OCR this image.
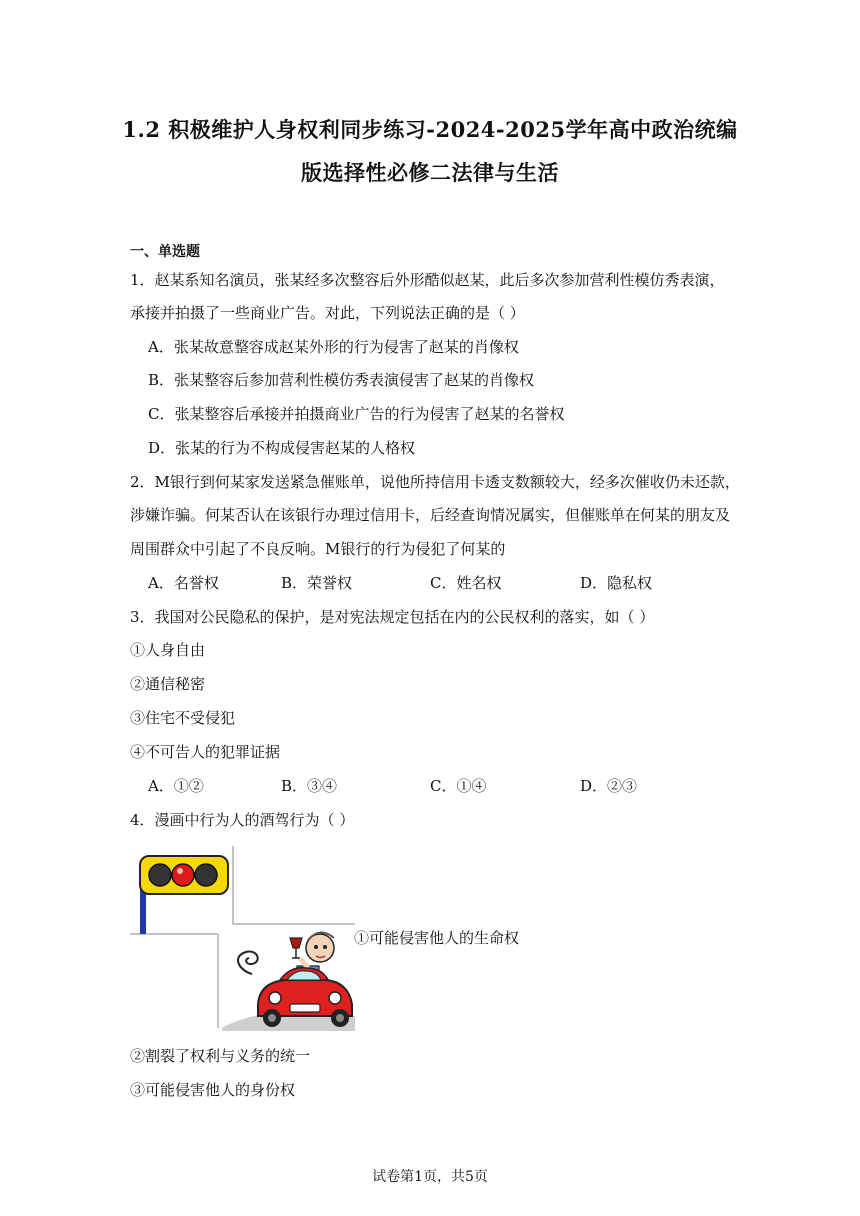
1.2 积极维护人身权利同步练习-2024-2025学年高中政治统编
版选择性必修二法律与生活
一、单选题
1．赵某系知名演员，张某经多次整容后外形酷似赵某，此后多次参加营利性模仿秀表演，
承接并拍摄了一些商业广告。对此，下列说法正确的是（ ）
A．张某故意整容成赵某外形的行为侵害了赵某的肖像权
B．张某整容后参加营利性模仿秀表演侵害了赵某的肖像权
C．张某整容后承接并拍摄商业广告的行为侵害了赵某的名誉权
D．张某的行为不构成侵害赵某的人格权
2．M银行到何某家发送紧急催账单，说他所持信用卡透支数额较大，经多次催收仍未还款，
涉嫌诈骗。何某否认在该银行办理过信用卡，后经查询情况属实，但催账单在何某的朋友及
周围群众中引起了不良反响。M银行的行为侵犯了何某的
A．名誉权	B．荣誉权	C．姓名权	D．隐私权
3．我国对公民隐私的保护，是对宪法规定包括在内的公民权利的落实，如（ ）
①人身自由
②通信秘密
③住宅不受侵犯
④不可告人的犯罪证据
A．①②	B．③④	C．①④	D．②③
4．漫画中行为人的酒驾行为（ ）
①可能侵害他人的生命权
②割裂了权利与义务的统一
③可能侵害他人的身份权
试卷第1页，共5页
